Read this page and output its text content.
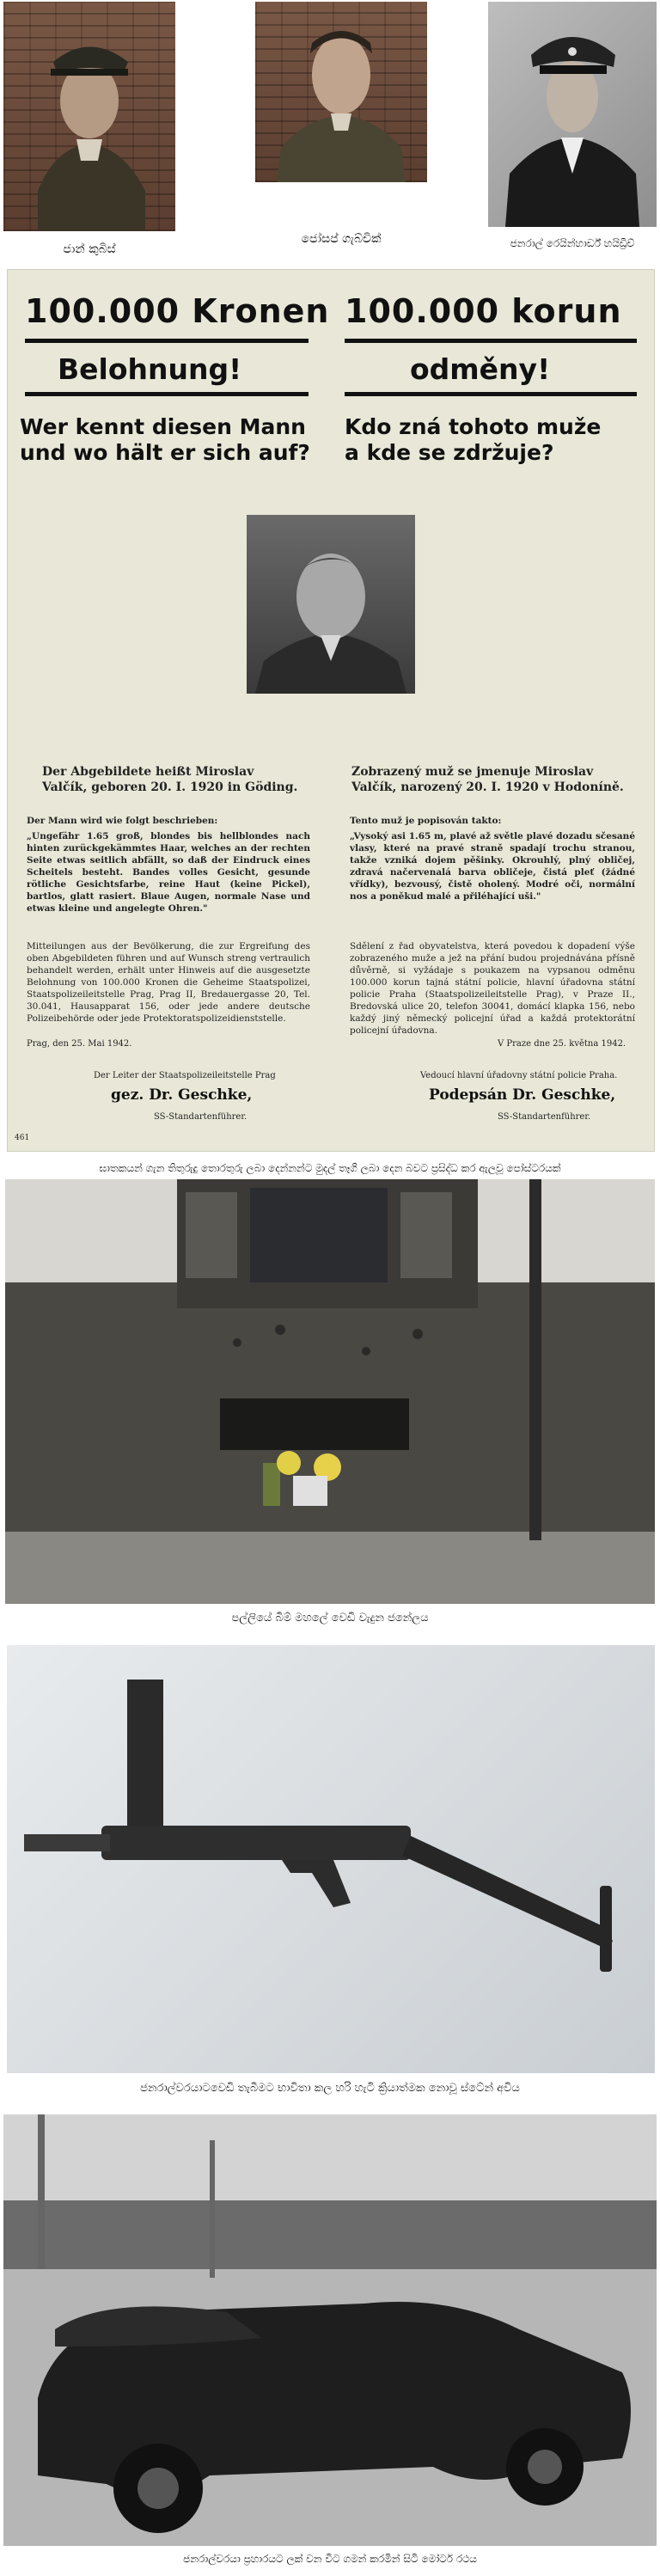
ජාන් කුබිස්
ජෝසප් ගැබ්චික්	ජනරාල් රෙයින්හාර්ඩ් හයිඩ්‍රිච්
100.000 Kronen 100.000 korun
Belohnung!	odměny!
Wer kennt diesen Mann
und wo hält er sich auf?
Kdo zná tohoto muže
a kde se zdržuje?
Der Abgebildete heißt Miroslav
Valčík, geboren 20. I. 1920 in Göding.
Zobrazený muž se jmenuje Miroslav
Valčík, narozený 20. I. 1920 v Hodoníně.
Der Mann wird wie folgt beschrieben:
„Ungefähr 1.65 groß, blondes bis hellblondes nach hinten zurückgekämmtes Haar, welches an der rechten Seite etwas seitlich abfällt, so daß der Eindruck eines Scheitels besteht. Bandes volles Gesicht, gesunde rötliche Gesichtsfarbe, reine Haut (keine Pickel), bartlos, glatt rasiert. Blaue Augen, normale Nase und etwas kleine und angelegte Ohren."
Mitteilungen aus der Bevölkerung, die zur Ergreifung des oben Abgebildeten führen und auf Wunsch streng vertraulich behandelt werden, erhält unter Hinweis auf die ausgesetzte Belohnung von 100.000 Kronen die Geheime Staatspolizei, Staatspolizeileitstelle Prag, Prag II, Bredauergasse 20, Tel. 30.041, Hausapparat 156, oder jede andere deutsche Polizeibehörde oder jede Protektoratspolizeidienststelle.
Prag, den 25. Mai 1942.
Der Leiter der Staatspolizeileitstelle Prag
gez. Dr. Geschke,
SS-Standartenführer.
Tento muž je popisován takto:
„Vysoký asi 1.65 m, plavé až světle plavé dozadu sčesané vlasy, které na pravé straně spadají trochu stranou, takže vzniká dojem pěšinky. Okrouhlý, plný obličej, zdravá načervenalá barva obličeje, čistá pleť (žádné vřídky), bezvousý, čistě oholený. Modré oči, normální nos a poněkud malé a přiléhající uši."
Sdělení z řad obyvatelstva, která povedou k dopadení výše zobrazeného muže a jež na přání budou projednávána přísně důvěrně, si vyžádaje s poukazem na vypsanou odměnu 100.000 korun tajná státní policie, hlavní úřadovna státní policie Praha (Staatspolizeileitstelle Prag), v Praze II., Bredovská ulice 20, telefon 30041, domácí klapka 156, nebo každý jiný německý policejní úřad a každá protektorátní policejní úřadovna.
V Praze dne 25. května 1942.
Vedoucí hlavní úřadovny státní policie Praha.
Podepsán Dr. Geschke,
SS-Standartenführer.
461
ඝාතකයන් ගැන තිතුරුදු තොරතුරු ලබා දෙන්නන්ට මුදල් තෑගි ලබා දෙන බවට ප්‍රසිද්ධ කර ඇලවූ පෝස්ටරයක්
පල්ලියේ බිම් මහලේ වෙඩි වැදුන ජනේලය
ජනරාල්වරයාටවෙඩි තැබීමට භාවිතා කල හරි හැටි ක්‍රියාත්මක නොවූ ස්ටේන් අවිය
ජනරාල්වරයා ප්‍රහාරයට ලක් වන විට ගමන් කරමින් සිටි මෝටර් රථය
